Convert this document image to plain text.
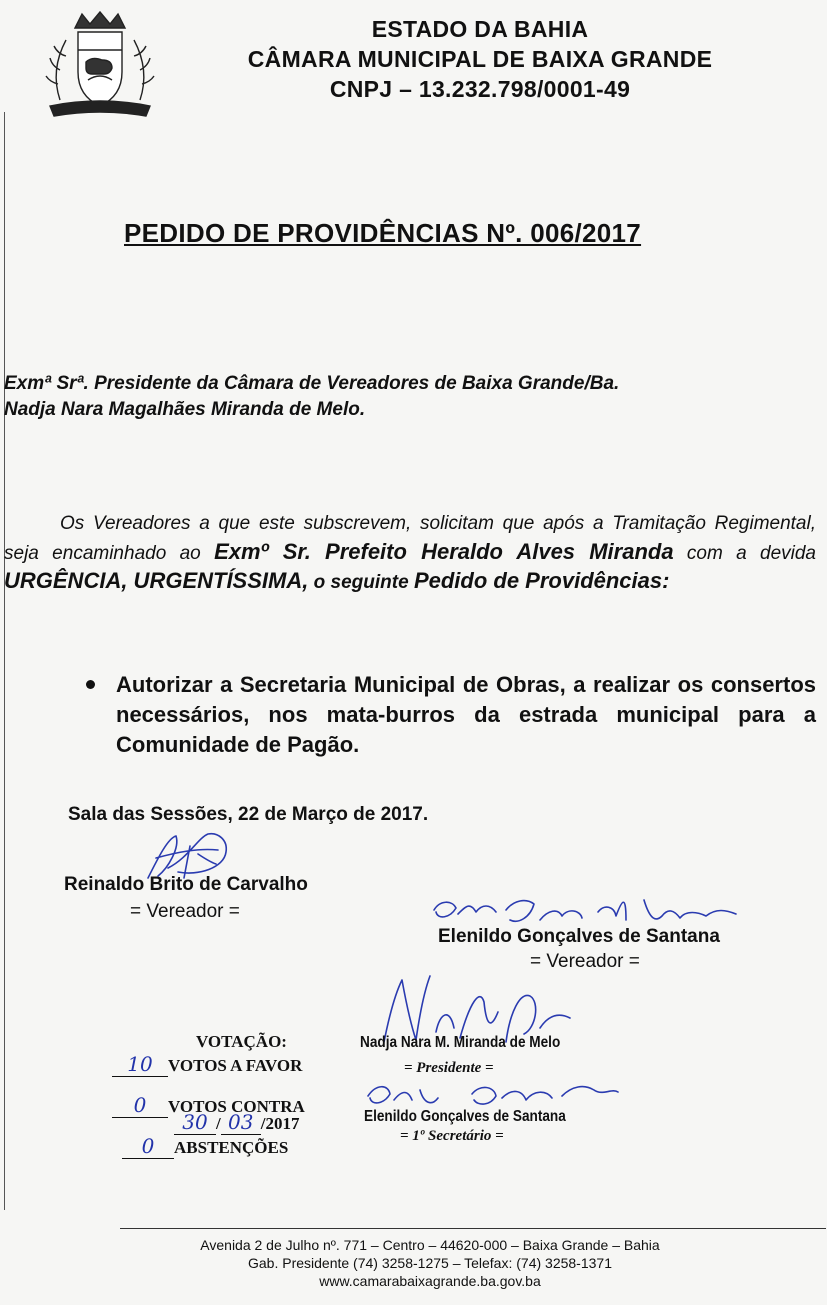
ESTADO DA BAHIA
CÂMARA MUNICIPAL DE BAIXA GRANDE
CNPJ – 13.232.798/0001-49
PEDIDO DE PROVIDÊNCIAS Nº. 006/2017
Exmª Srª. Presidente da Câmara de Vereadores de Baixa Grande/Ba.
Nadja Nara Magalhães Miranda de Melo.
Os Vereadores a que este subscrevem, solicitam que após a Tramitação Regimental, seja encaminhado ao Exmº Sr. Prefeito Heraldo Alves Miranda com a devida URGÊNCIA, URGENTÍSSIMA, o seguinte Pedido de Providências:
Autorizar a Secretaria Municipal de Obras, a realizar os consertos necessários, nos mata-burros da estrada municipal para a Comunidade de Pagão.
Sala das Sessões, 22 de Março de 2017.
Reinaldo Brito de Carvalho
= Vereador =
Elenildo Gonçalves de Santana
= Vereador =
VOTAÇÃO:
10 VOTOS A FAVOR
0 VOTOS CONTRA
30 / 03 /2017
0 ABSTENÇÕES
Nadja Nara M. Miranda de Melo
= Presidente =
Elenildo Gonçalves de Santana
= 1º Secretário =
Avenida 2 de Julho nº. 771 – Centro – 44620-000 – Baixa Grande – Bahia
Gab. Presidente (74) 3258-1275 – Telefax: (74) 3258-1371
www.camarabaixagrande.ba.gov.ba
